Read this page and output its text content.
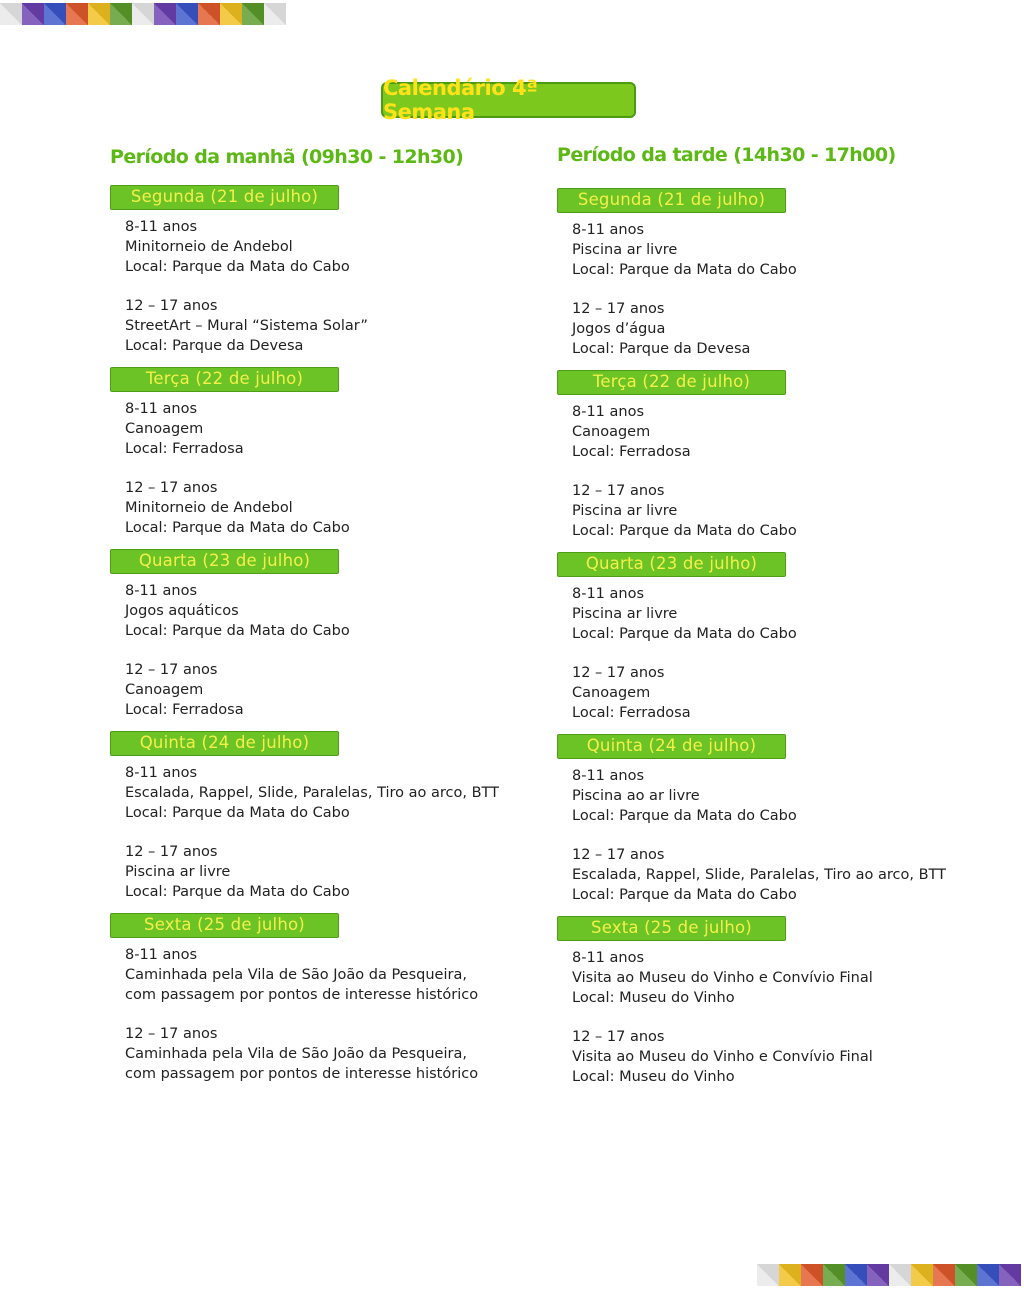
Calendário 4ª Semana
Período da manhã (09h30 - 12h30)	Período da tarde (14h30 - 17h00)
Segunda (21 de julho)
8-11 anos
Minitorneio de Andebol
Local: Parque da Mata do Cabo
12 – 17 anos
StreetArt – Mural “Sistema Solar”
Local: Parque da Devesa
Terça (22 de julho)
8-11 anos
Canoagem
Local: Ferradosa
12 – 17 anos
Minitorneio de Andebol
Local: Parque da Mata do Cabo
Quarta (23 de julho)
8-11 anos
Jogos aquáticos
Local: Parque da Mata do Cabo
12 – 17 anos
Canoagem
Local: Ferradosa
Quinta (24 de julho)
8-11 anos
Escalada, Rappel, Slide, Paralelas, Tiro ao arco, BTT
Local: Parque da Mata do Cabo
12 – 17 anos
Piscina ar livre
Local: Parque da Mata do Cabo
Sexta (25 de julho)
8-11 anos
Caminhada pela Vila de São João da Pesqueira,
com passagem por pontos de interesse histórico
12 – 17 anos
Caminhada pela Vila de São João da Pesqueira,
com passagem por pontos de interesse histórico
Segunda (21 de julho)
8-11 anos
Piscina ar livre
Local: Parque da Mata do Cabo
12 – 17 anos
Jogos d’água
Local: Parque da Devesa
Terça (22 de julho)
8-11 anos
Canoagem
Local: Ferradosa
12 – 17 anos
Piscina ar livre
Local: Parque da Mata do Cabo
Quarta (23 de julho)
8-11 anos
Piscina ar livre
Local: Parque da Mata do Cabo
12 – 17 anos
Canoagem
Local: Ferradosa
Quinta (24 de julho)
8-11 anos
Piscina ao ar livre
Local: Parque da Mata do Cabo
12 – 17 anos
Escalada, Rappel, Slide, Paralelas, Tiro ao arco, BTT
Local: Parque da Mata do Cabo
Sexta (25 de julho)
8-11 anos
Visita ao Museu do Vinho e Convívio Final
Local: Museu do Vinho
12 – 17 anos
Visita ao Museu do Vinho e Convívio Final
Local: Museu do Vinho
